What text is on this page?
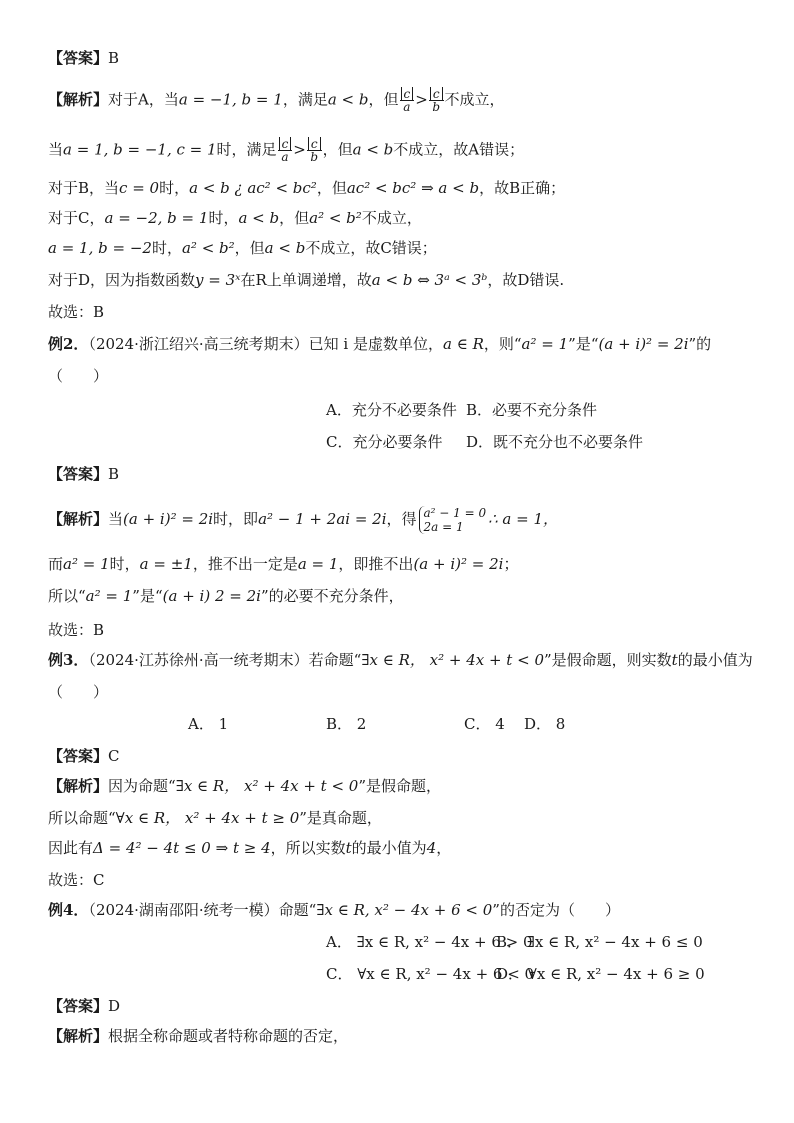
【答案】B
【解析】对于A，当a = −1, b = 1，满足a < b，但 $\frac{c}{a} > \frac{c}{b}$ 不成立，
当a = 1, b = −1, c = 1时，满足 $\frac{c}{a} > \frac{c}{b}$ ，但a < b不成立，故A错误；
对于B，当c = 0时，a < b ¿ ac² < bc²，但ac² < bc² ⇒ a < b，故B正确；
对于C，a = −2, b = 1时，a < b，但a² < b²不成立，
a = 1, b = −2时，a² < b²，但a < b不成立，故C错误；
对于D，因为指数函数y = 3ˣ在R上单调递增，故a < b ⇔ 3ᵃ < 3ᵇ，故D错误.
故选：B
例2．（2024·浙江绍兴·高三统考期末）已知 i 是虚数单位，a ∈ R，则“a² = 1”是“(a + i)² = 2i”的
（　　）
A．充分不必要条件 B．必要不充分条件
C．充分必要条件 D．既不充分也不必要条件
【答案】B
【解析】当(a + i)² = 2i时，即a² − 1 + 2ai = 2i，得 a² − 1 = 0
2a = 1	∴ a = 1，
而a² = 1时，a = ±1，推不出一定是a = 1，即推不出(a + i)² = 2i；
所以“a² = 1”是“(a + i) 2 = 2i”的必要不充分条件，
故选：B
例3．（2024·江苏徐州·高一统考期末）若命题“∃x ∈ R， x² + 4x + t < 0”是假命题，则实数t的最小值为
（　　）
A． 1	B． 2	C． 4 D． 8
【答案】C
【解析】因为命题“∃x ∈ R， x² + 4x + t < 0”是假命题，
所以命题“∀x ∈ R， x² + 4x + t ≥ 0”是真命题，
因此有Δ = 4² − 4t ≤ 0 ⇒ t ≥ 4，所以实数t的最小值为4，
故选：C
例4．（2024·湖南邵阳·统考一模）命题“∃x ∈ R, x² − 4x + 6 < 0”的否定为（　　）
A． ∃x ∈ R, x² − 4x + 6 > 0
B． ∃x ∈ R, x² − 4x + 6 ≤ 0
C． ∀x ∈ R, x² − 4x + 6 < 0
D． ∀x ∈ R, x² − 4x + 6 ≥ 0
【答案】D
【解析】根据全称命题或者特称命题的否定，
